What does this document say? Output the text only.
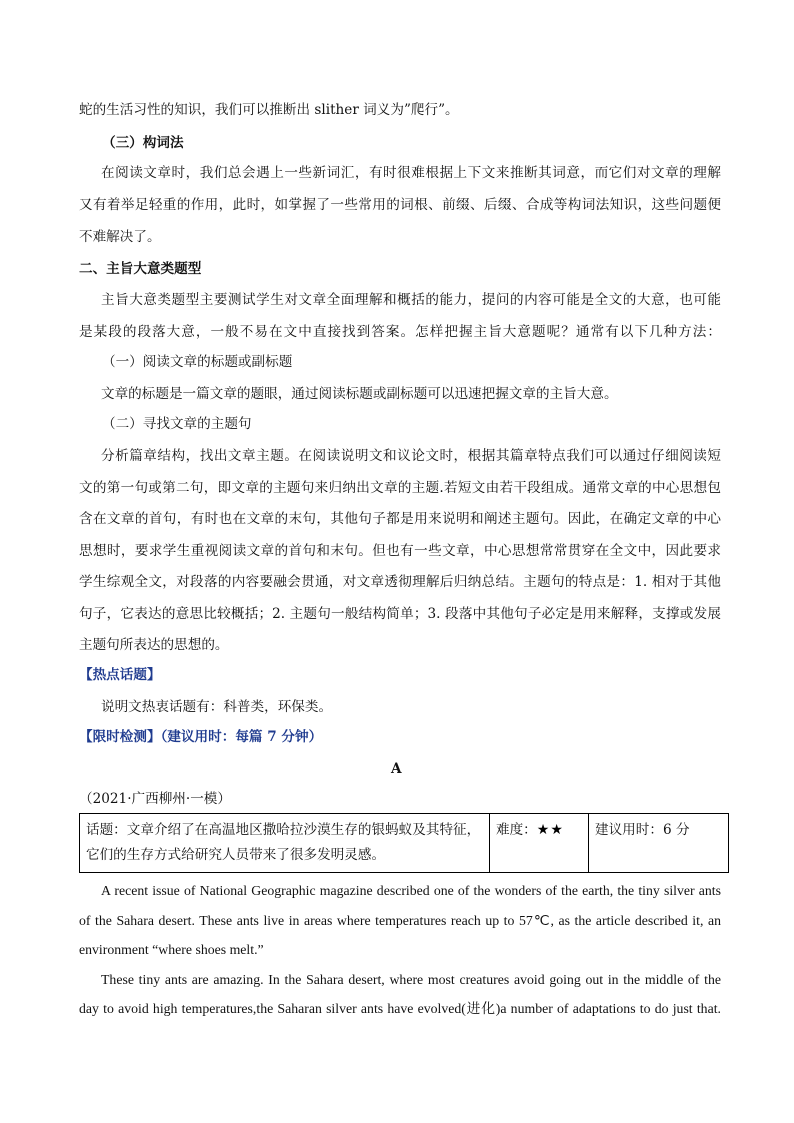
蛇的生活习性的知识，我们可以推断出 slither 词义为”爬行”。
（三）构词法
在阅读文章时，我们总会遇上一些新词汇，有时很难根据上下文来推断其词意，而它们对文章的理解
又有着举足轻重的作用，此时，如掌握了一些常用的词根、前缀、后缀、合成等构词法知识，这些问题便
不难解决了。
二、主旨大意类题型
主旨大意类题型主要测试学生对文章全面理解和概括的能力，提问的内容可能是全文的大意，也可能
是某段的段落大意，一般不易在文中直接找到答案。怎样把握主旨大意题呢？通常有以下几种方法：
（一）阅读文章的标题或副标题
文章的标题是一篇文章的题眼，通过阅读标题或副标题可以迅速把握文章的主旨大意。
（二）寻找文章的主题句
分析篇章结构，找出文章主题。在阅读说明文和议论文时，根据其篇章特点我们可以通过仔细阅读短
文的第一句或第二句，即文章的主题句来归纳出文章的主题.若短文由若干段组成。通常文章的中心思想包
含在文章的首句，有时也在文章的末句，其他句子都是用来说明和阐述主题句。因此，在确定文章的中心
思想时，要求学生重视阅读文章的首句和末句。但也有一些文章，中心思想常常贯穿在全文中，因此要求
学生综观全文，对段落的内容要融会贯通，对文章透彻理解后归纳总结。主题句的特点是：1. 相对于其他
句子，它表达的意思比较概括；2. 主题句一般结构简单；3. 段落中其他句子必定是用来解释，支撑或发展
主题句所表达的思想的。
【热点话题】
说明文热衷话题有：科普类，环保类。
【限时检测】（建议用时：每篇 7 分钟）
A
（2021·广西柳州·一模）
话题：文章介绍了在高温地区撒哈拉沙漠生存的银蚂蚁及其特征，
它们的生存方式给研究人员带来了很多发明灵感。
	难度：★★	建议用时：6 分
A recent issue of National Geographic magazine described one of the wonders of the earth, the tiny silver ants
of the Sahara desert. These ants live in areas where temperatures reach up to 57℃, as the article described it, an
environment “where shoes melt.”
These tiny ants are amazing. In the Sahara desert, where most creatures avoid going out in the middle of the
day to avoid high temperatures,the Saharan silver ants have evolved(进化)a number of adaptations to do just that.
